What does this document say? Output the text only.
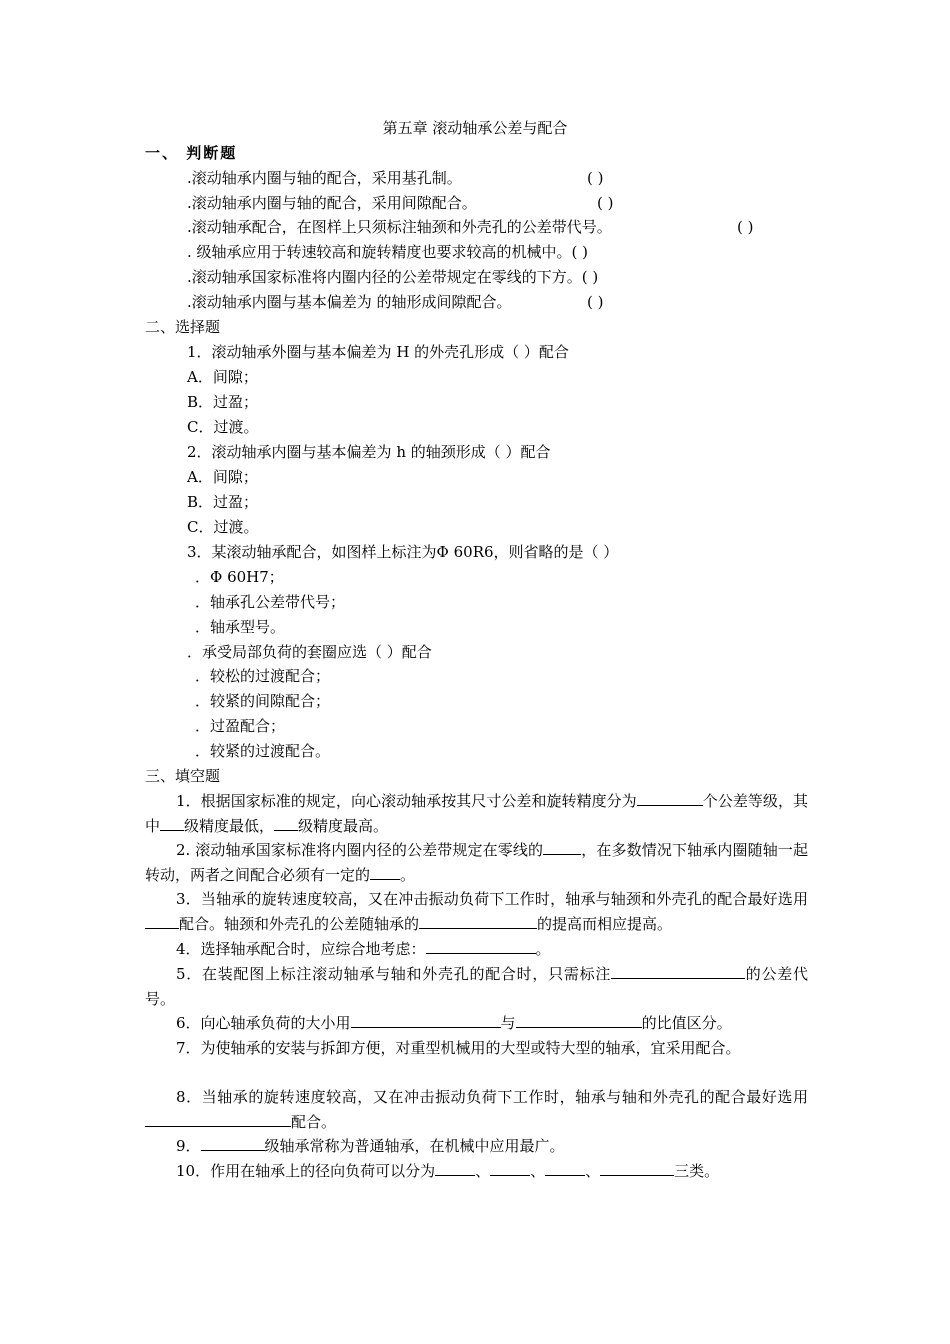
第五章 滚动轴承公差与配合
一、 判断题
.滚动轴承内圈与轴的配合，采用基孔制。	( )
.滚动轴承内圈与轴的配合，采用间隙配合。	( )
.滚动轴承配合，在图样上只须标注轴颈和外壳孔的公差带代号。	( )
. 级轴承应用于转速较高和旋转精度也要求较高的机械中。( )
.滚动轴承国家标准将内圈内径的公差带规定在零线的下方。( )
.滚动轴承内圈与基本偏差为 的轴形成间隙配合。	( )
二、选择题
1．滚动轴承外圈与基本偏差为 H 的外壳孔形成（ ）配合
A．间隙；
B．过盈；
C．过渡。
2．滚动轴承内圈与基本偏差为 h 的轴颈形成（ ）配合
A．间隙；
B．过盈；
C．过渡。
3．某滚动轴承配合，如图样上标注为Φ 60R6，则省略的是（ ）
．Φ 60H7；
．轴承孔公差带代号；
．轴承型号。
．承受局部负荷的套圈应选（ ）配合
．较松的过渡配合；
．较紧的间隙配合；
．过盈配合；
．较紧的过渡配合。
三、填空题
1．根据国家标准的规定，向心滚动轴承按其尺寸公差和旋转精度分为	个公差等级，其中 级精度最低， 级精度最高。
2. 滚动轴承国家标准将内圈内径的公差带规定在零线的	，在多数情况下轴承内圈随轴一起转动，两者之间配合必须有一定的 。
3．当轴承的旋转速度较高，又在冲击振动负荷下工作时，轴承与轴颈和外壳孔的配合最好选用配合。轴颈和外壳孔的公差随轴承的	的提高而相应提高。
4．选择轴承配合时，应综合地考虑：	。
5．在装配图上标注滚动轴承与轴和外壳孔的配合时，只需标注	的公差代号。
6．向心轴承负荷的大小用	与	的比值区分。
7．为使轴承的安装与拆卸方便，对重型机械用的大型或特大型的轴承，宜采用配合。
8．当轴承的旋转速度较高，又在冲击振动负荷下工作时，轴承与轴和外壳孔的配合最好选用配合。
9．	级轴承常称为普通轴承，在机械中应用最广。
10．作用在轴承上的径向负荷可以分为	、	、	、	三类。
